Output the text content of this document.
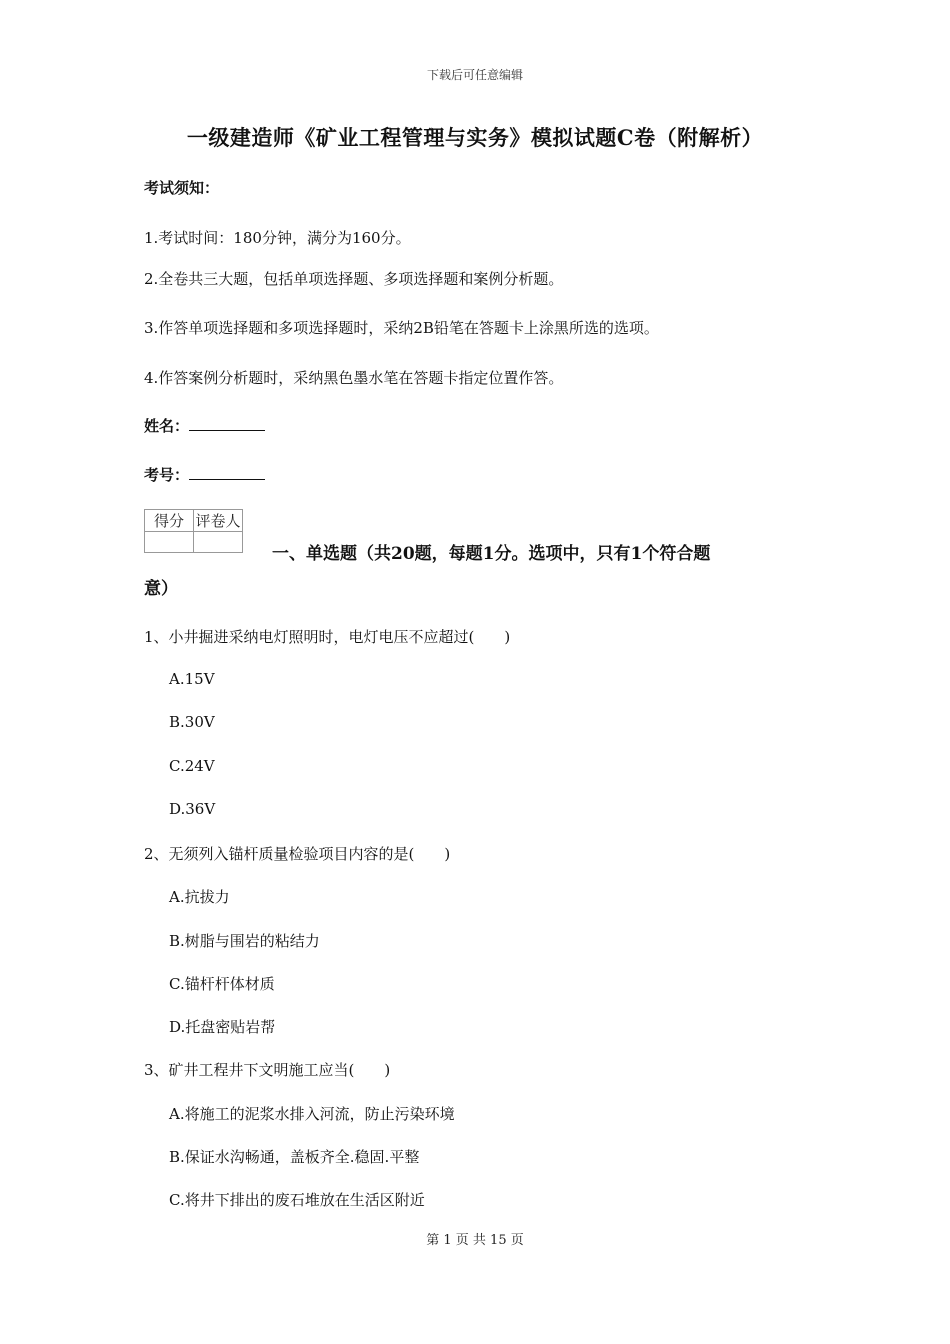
下载后可任意编辑
一级建造师《矿业工程管理与实务》模拟试题C卷（附解析）
考试须知：
1.考试时间：180分钟，满分为160分。
2.全卷共三大题，包括单项选择题、多项选择题和案例分析题。
3.作答单项选择题和多项选择题时，采纳2B铅笔在答题卡上涂黑所选的选项。
4.作答案例分析题时，采纳黑色墨水笔在答题卡指定位置作答。
姓名：
考号：
得分	评卷人

一、单选题（共20题，每题1分。选项中，只有1个符合题
意）
1、小井掘进采纳电灯照明时，电灯电压不应超过(　　)
A.15V
B.30V
C.24V
D.36V
2、无须列入锚杆质量检验项目内容的是(　　)
A.抗拔力
B.树脂与围岩的粘结力
C.锚杆杆体材质
D.托盘密贴岩帮
3、矿井工程井下文明施工应当(　　)
A.将施工的泥浆水排入河流，防止污染环境
B.保证水沟畅通，盖板齐全.稳固.平整
C.将井下排出的废石堆放在生活区附近
第 1 页 共 15 页
